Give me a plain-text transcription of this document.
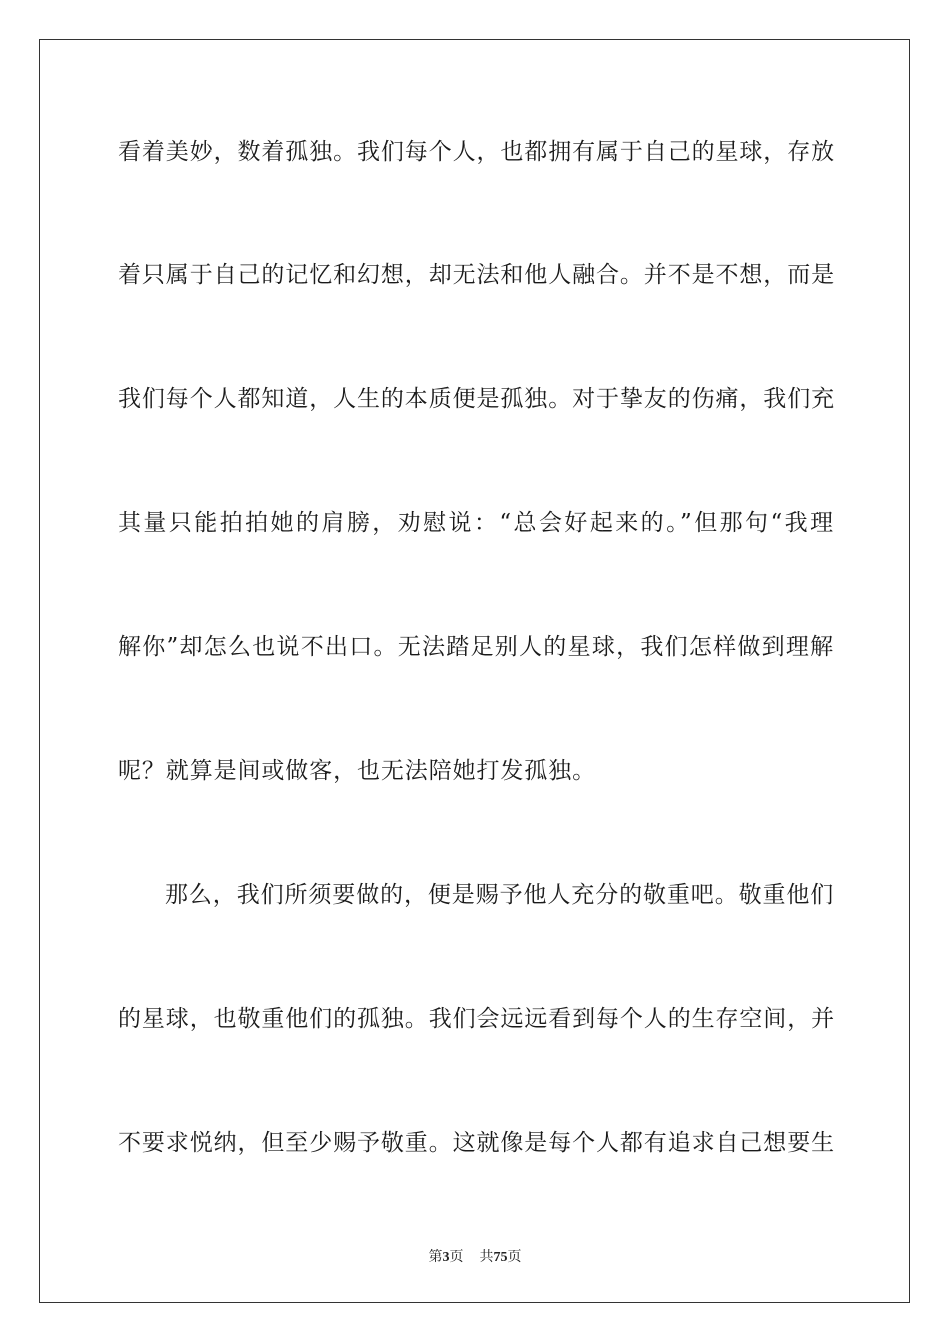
看着美妙，数着孤独。我们每个人，也都拥有属于自己的星球，存放
着只属于自己的记忆和幻想，却无法和他人融合。并不是不想，而是
我们每个人都知道，人生的本质便是孤独。对于挚友的伤痛，我们充
其量只能拍拍她的肩膀，劝慰说：“总会好起来的。”但那句“我理
解你”却怎么也说不出口。无法踏足别人的星球，我们怎样做到理解
呢？就算是间或做客，也无法陪她打发孤独。
那么，我们所须要做的，便是赐予他人充分的敬重吧。敬重他们
的星球，也敬重他们的孤独。我们会远远看到每个人的生存空间，并
不要求悦纳，但至少赐予敬重。这就像是每个人都有追求自己想要生
第3页 共75页
